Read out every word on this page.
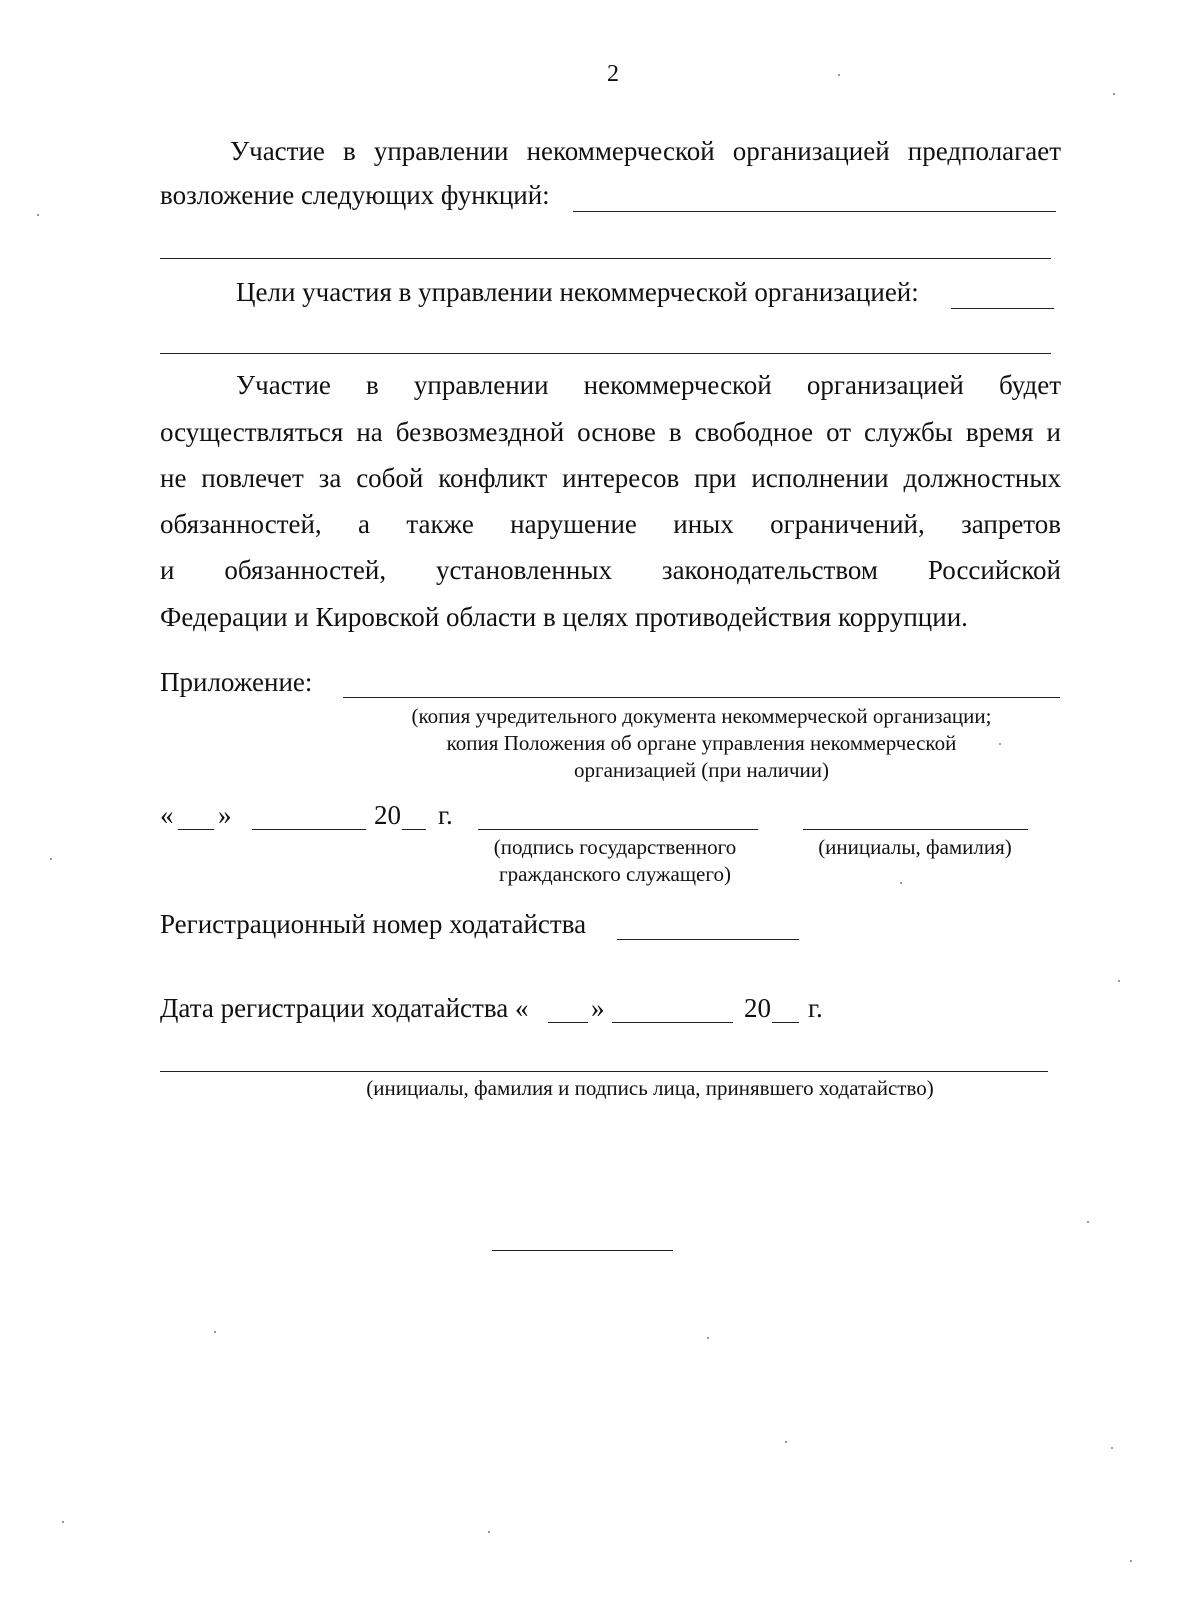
2
Участие в управлении некоммерческой организацией предполагает
возложение следующих функций:
Цели участия в управлении некоммерческой организацией:
Участие в управлении некоммерческой организацией будет
осуществляться на безвозмездной основе в свободное от службы время и
не повлечет за собой конфликт интересов при исполнении должностных
обязанностей, а также нарушение иных ограничений, запретов
и обязанностей, установленных законодательством Российской
Федерации и Кировской области в целях противодействия коррупции.
Приложение:
(копия учредительного документа некоммерческой организации;
копия Положения об органе управления некоммерческой
организацией (при наличии)
« »	20 г.
(подпись государственного
гражданского служащего)
(инициалы, фамилия)
Регистрационный номер ходатайства
Дата регистрации ходатайства « »	20 г.
(инициалы, фамилия и подпись лица, принявшего ходатайство)
